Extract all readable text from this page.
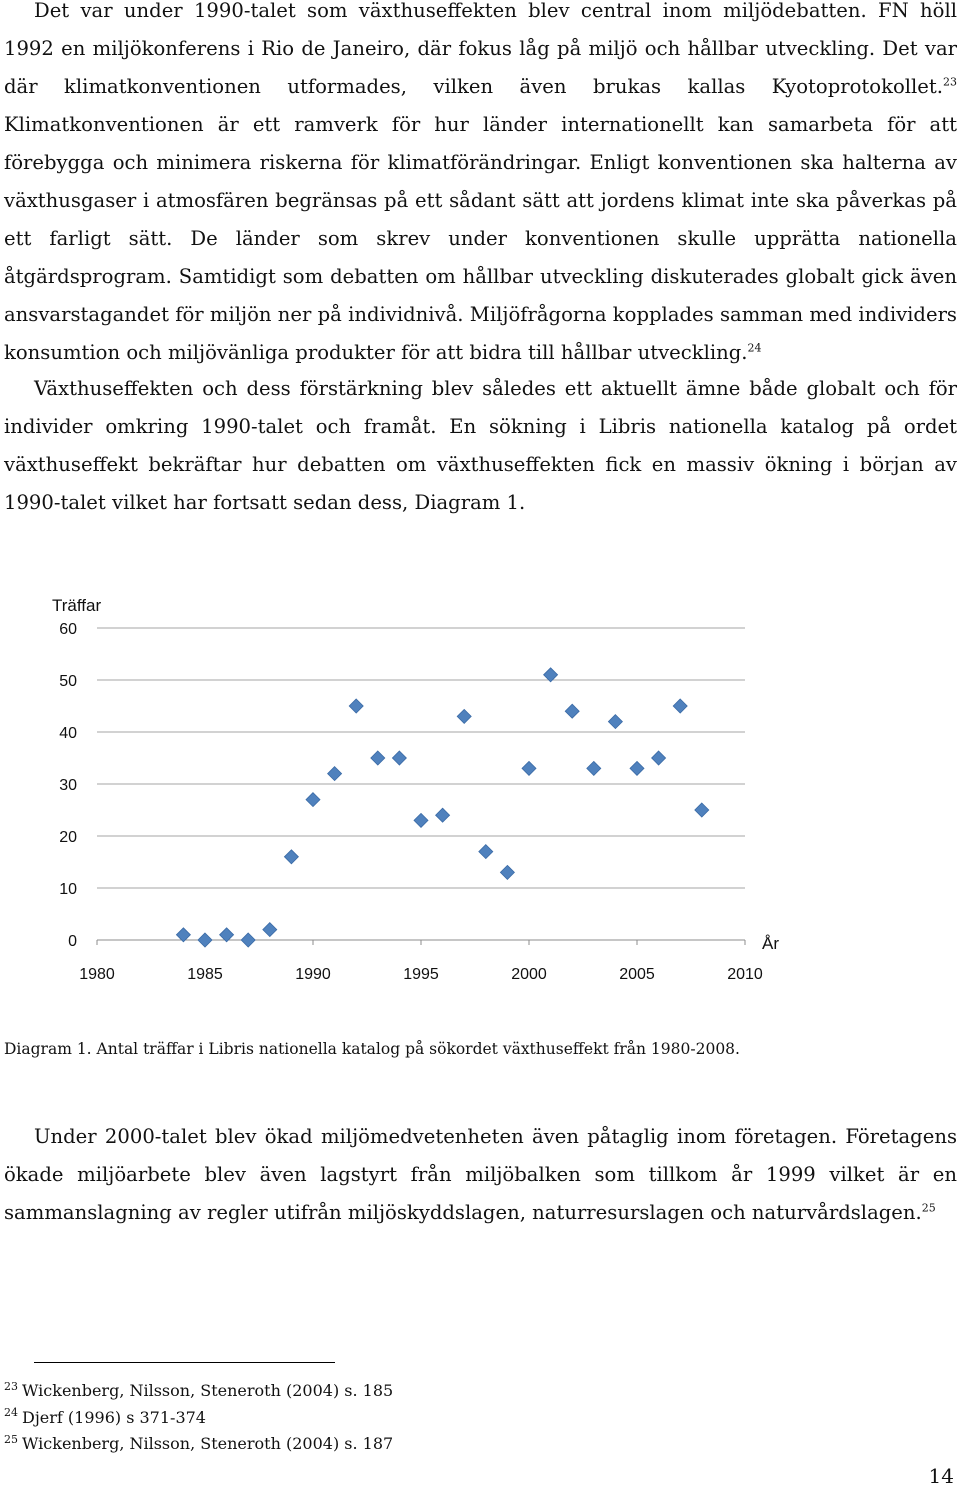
Det var under 1990-talet som växthuseffekten blev central inom miljödebatten. FN höll 1992 en miljökonferens i Rio de Janeiro, där fokus låg på miljö och hållbar utveckling. Det var där klimatkonventionen utformades, vilken även brukas kallas Kyotoprotokollet.$^{23}$ Klimatkonventionen är ett ramverk för hur länder internationellt kan samarbeta för att förebygga och minimera riskerna för klimatförändringar. Enligt konventionen ska halterna av växthusgaser i atmosfären begränsas på ett sådant sätt att jordens klimat inte ska påverkas på ett farligt sätt. De länder som skrev under konventionen skulle upprätta nationella åtgärdsprogram. Samtidigt som debatten om hållbar utveckling diskuterades globalt gick även ansvarstagandet för miljön ner på individnivå. Miljöfrågorna kopplades samman med individers konsumtion och miljövänliga produkter för att bidra till hållbar utveckling.$^{24}$

Växthuseffekten och dess förstärkning blev således ett aktuellt ämne både globalt och för individer omkring 1990-talet och framåt. En sökning i Libris nationella katalog på ordet växthuseffekt bekräftar hur debatten om växthuseffekten fick en massiv ökning i början av 1990-talet vilket har fortsatt sedan dess, Diagram 1.

Träffar
År
0
10
20
30
40
50
60
1980	1985	1990	1995	2000	2005	2010

Diagram 1. Antal träffar i Libris nationella katalog på sökordet växthuseffekt från 1980-2008.

Under 2000-talet blev ökad miljömedvetenheten även påtaglig inom företagen. Företagens ökade miljöarbete blev även lagstyrt från miljöbalken som tillkom år 1999 vilket är en sammanslagning av regler utifrån miljöskyddslagen, naturresurslagen och naturvårdslagen.$^{25}$

$^{23}$ Wickenberg, Nilsson, Steneroth (2004) s. 185
$^{24}$ Djerf (1996) s 371-374
$^{25}$ Wickenberg, Nilsson, Steneroth (2004) s. 187
14
